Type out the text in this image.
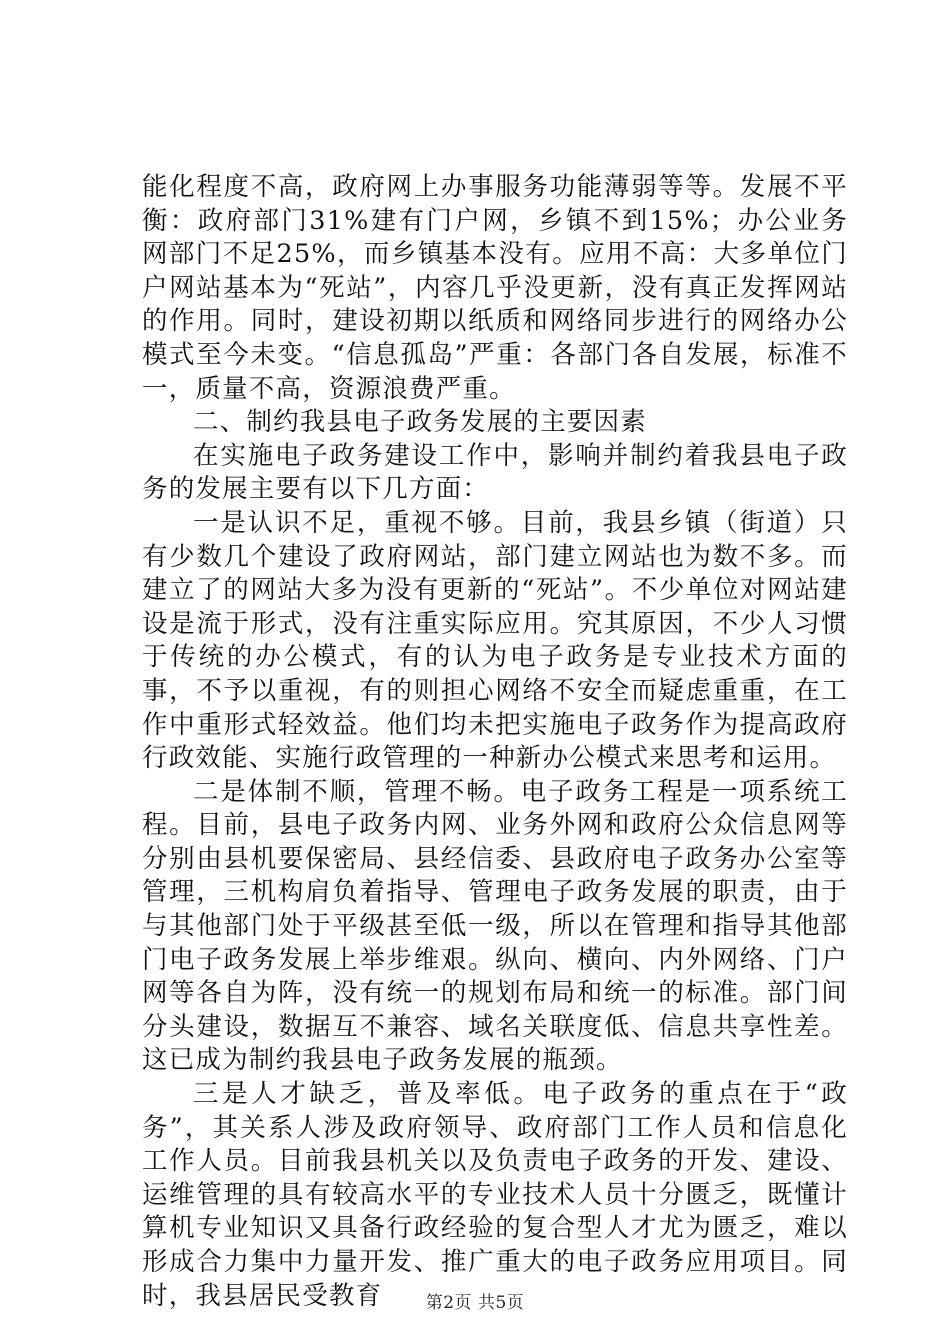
能化程度不高，政府网上办事服务功能薄弱等等。发展不平衡：政府部门31%建有门户网，乡镇不到15%；办公业务网部门不足25%，而乡镇基本没有。应用不高：大多单位门户网站基本为“死站”，内容几乎没更新，没有真正发挥网站的作用。同时，建设初期以纸质和网络同步进行的网络办公模式至今未变。“信息孤岛”严重：各部门各自发展，标准不一，质量不高，资源浪费严重。

二、制约我县电子政务发展的主要因素

在实施电子政务建设工作中，影响并制约着我县电子政务的发展主要有以下几方面：

一是认识不足，重视不够。目前，我县乡镇（街道）只有少数几个建设了政府网站，部门建立网站也为数不多。而建立了的网站大多为没有更新的“死站”。不少单位对网站建设是流于形式，没有注重实际应用。究其原因，不少人习惯于传统的办公模式，有的认为电子政务是专业技术方面的事，不予以重视，有的则担心网络不安全而疑虑重重，在工作中重形式轻效益。他们均未把实施电子政务作为提高政府行政效能、实施行政管理的一种新办公模式来思考和运用。

二是体制不顺，管理不畅。电子政务工程是一项系统工程。目前，县电子政务内网、业务外网和政府公众信息网等分别由县机要保密局、县经信委、县政府电子政务办公室等管理，三机构肩负着指导、管理电子政务发展的职责，由于与其他部门处于平级甚至低一级，所以在管理和指导其他部门电子政务发展上举步维艰。纵向、横向、内外网络、门户网等各自为阵，没有统一的规划布局和统一的标准。部门间分头建设，数据互不兼容、域名关联度低、信息共享性差。这已成为制约我县电子政务发展的瓶颈。

三是人才缺乏，普及率低。电子政务的重点在于“政务”，其关系人涉及政府领导、政府部门工作人员和信息化工作人员。目前我县机关以及负责电子政务的开发、建设、运维管理的具有较高水平的专业技术人员十分匮乏，既懂计算机专业知识又具备行政经验的复合型人才尤为匮乏，难以形成合力集中力量开发、推广重大的电子政务应用项目。同时，我县居民受教育	第2页 共5页
